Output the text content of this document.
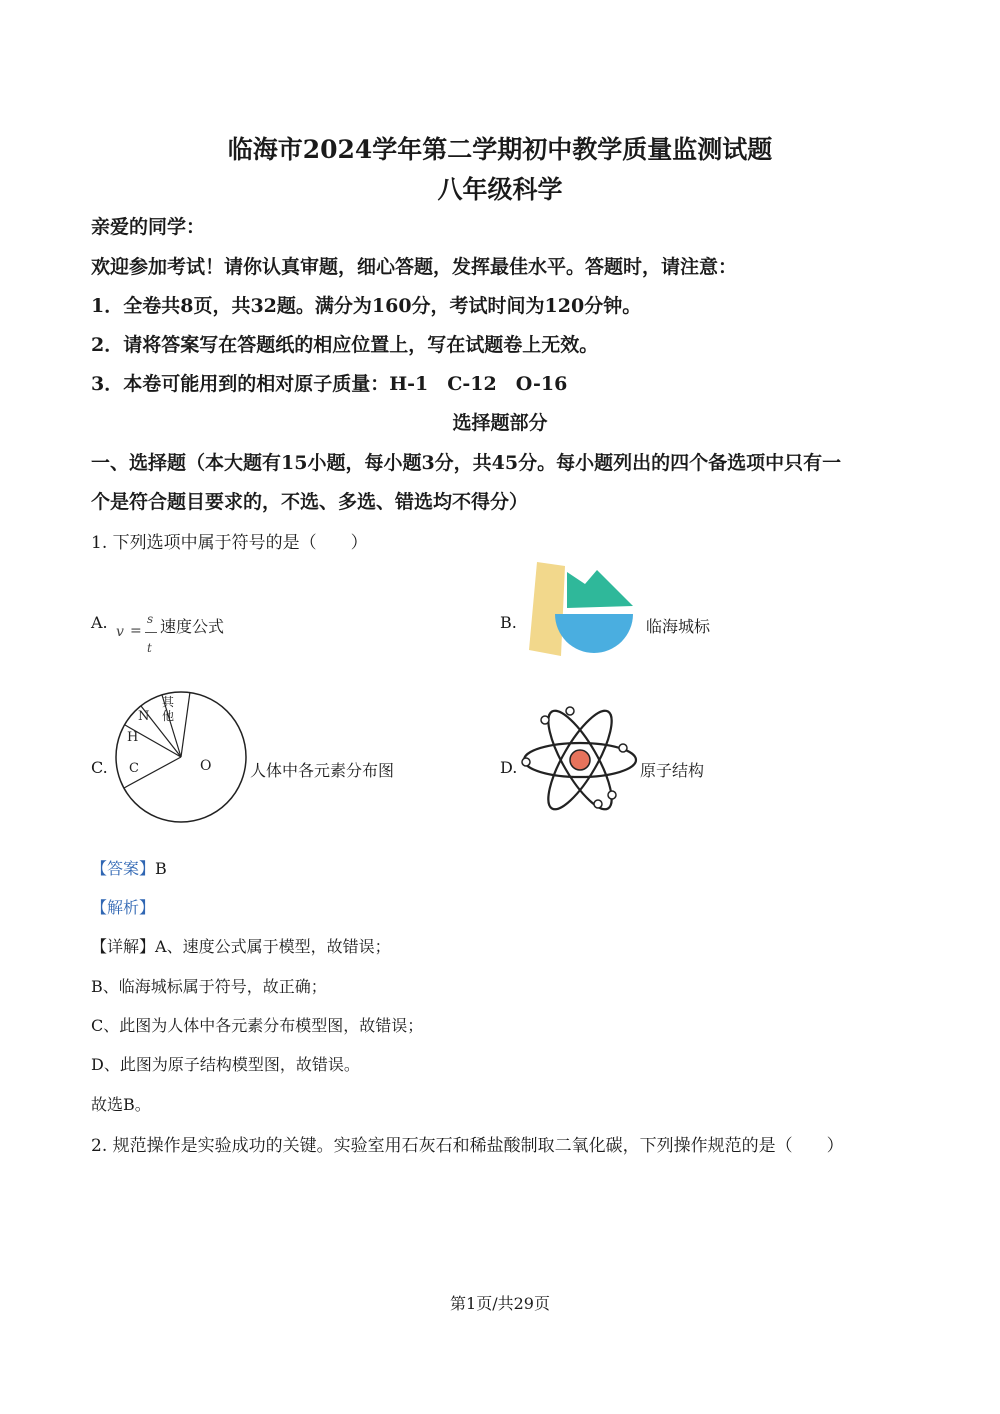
临海市2024学年第二学期初中教学质量监测试题
八年级科学
亲爱的同学：
欢迎参加考试！请你认真审题，细心答题，发挥最佳水平。答题时，请注意：
1．全卷共8页，共32题。满分为160分，考试时间为120分钟。
2．请将答案写在答题纸的相应位置上，写在试题卷上无效。
3．本卷可能用到的相对原子质量：H-1　C-12　O-16
选择题部分
一、选择题（本大题有15小题，每小题3分，共45分。每小题列出的四个备选项中只有一
个是符合题目要求的，不选、多选、错选均不得分）
1. 下列选项中属于符号的是（　　）
A. v =
s
t
速度公式	B.	临海城标
C.	O
C
H
N
其
他
人体中各元素分布图	D.	原子结构
【答案】B
【解析】
【详解】A、速度公式属于模型，故错误；
B、临海城标属于符号，故正确；
C、此图为人体中各元素分布模型图，故错误；
D、此图为原子结构模型图，故错误。
故选B。
2. 规范操作是实验成功的关键。实验室用石灰石和稀盐酸制取二氧化碳，下列操作规范的是（　　）
第1页/共29页
